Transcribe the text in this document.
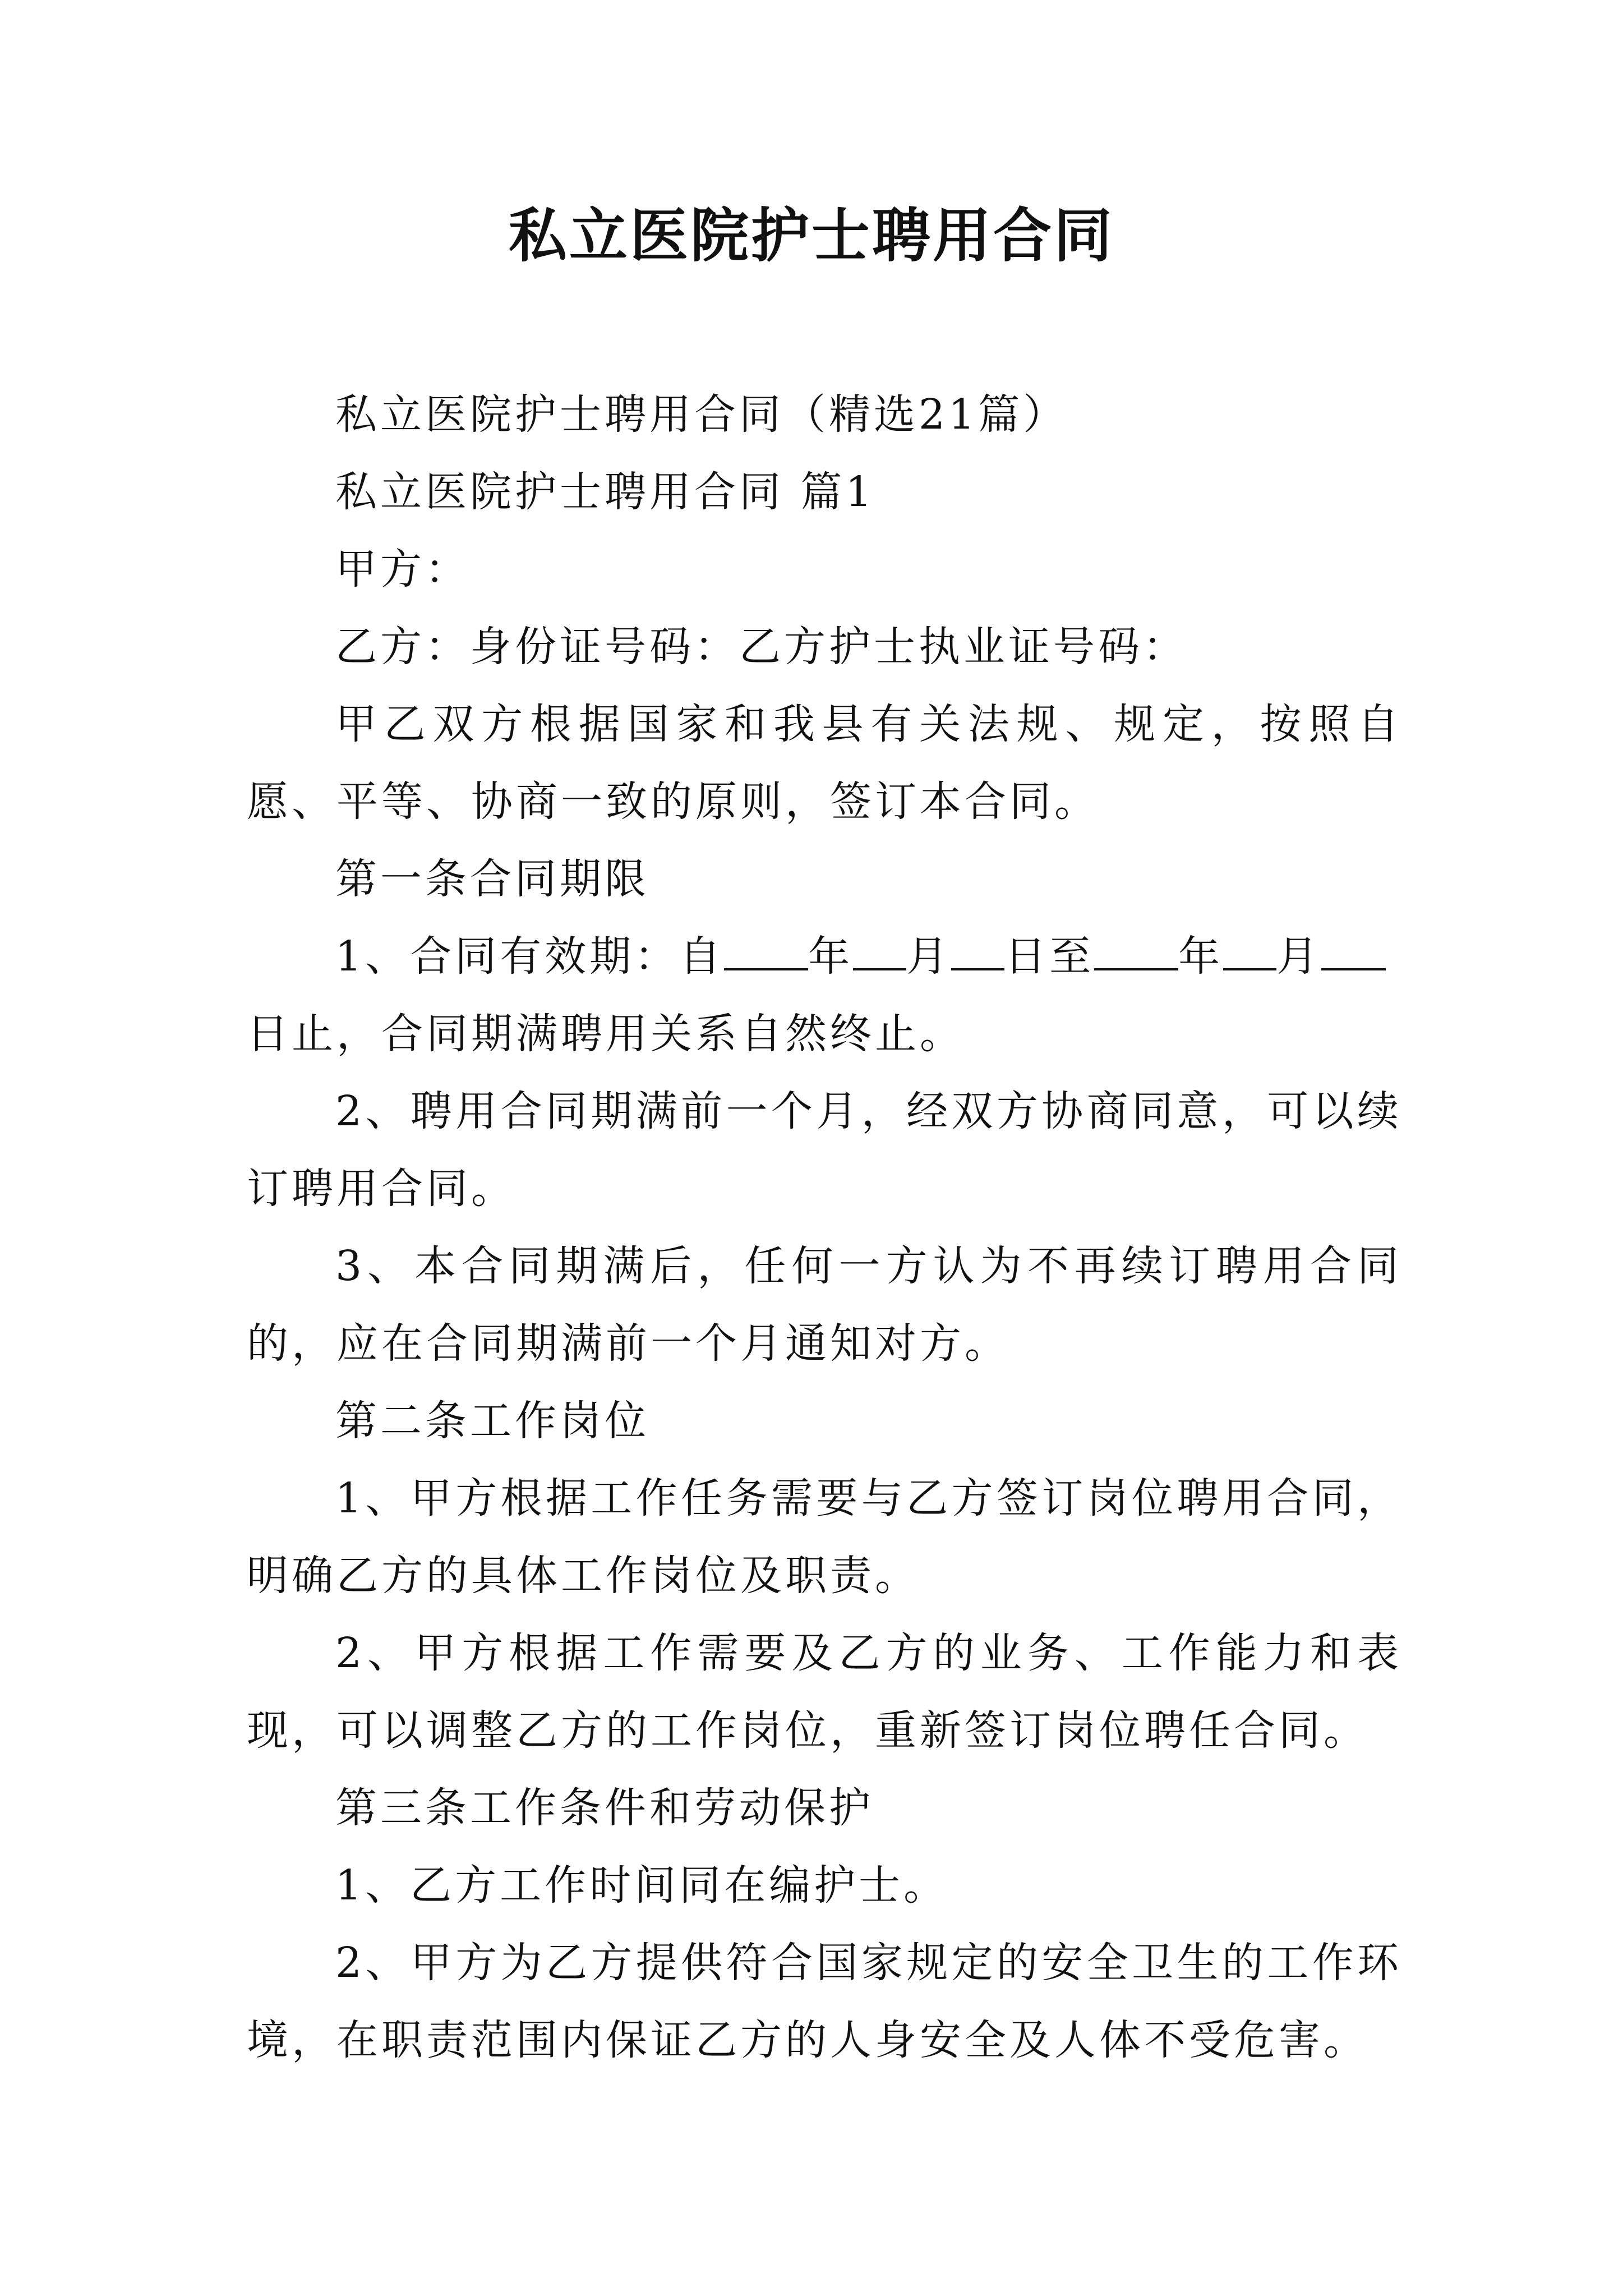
私立医院护士聘用合同

私立医院护士聘用合同（精选21篇）

私立医院护士聘用合同 篇1

甲方：

乙方：身份证号码：乙方护士执业证号码：

甲乙双方根据国家和我县有关法规、规定，按照自愿、平等、协商一致的原则，签订本合同。

第一条合同期限

1、合同有效期：自 年 月 日至 年 月日止，合同期满聘用关系自然终止。

2、聘用合同期满前一个月，经双方协商同意，可以续订聘用合同。

3、本合同期满后，任何一方认为不再续订聘用合同的，应在合同期满前一个月通知对方。

第二条工作岗位

1、甲方根据工作任务需要与乙方签订岗位聘用合同，明确乙方的具体工作岗位及职责。

2、甲方根据工作需要及乙方的业务、工作能力和表现，可以调整乙方的工作岗位，重新签订岗位聘任合同。

第三条工作条件和劳动保护

1、乙方工作时间同在编护士。

2、甲方为乙方提供符合国家规定的安全卫生的工作环境，在职责范围内保证乙方的人身安全及人体不受危害。
